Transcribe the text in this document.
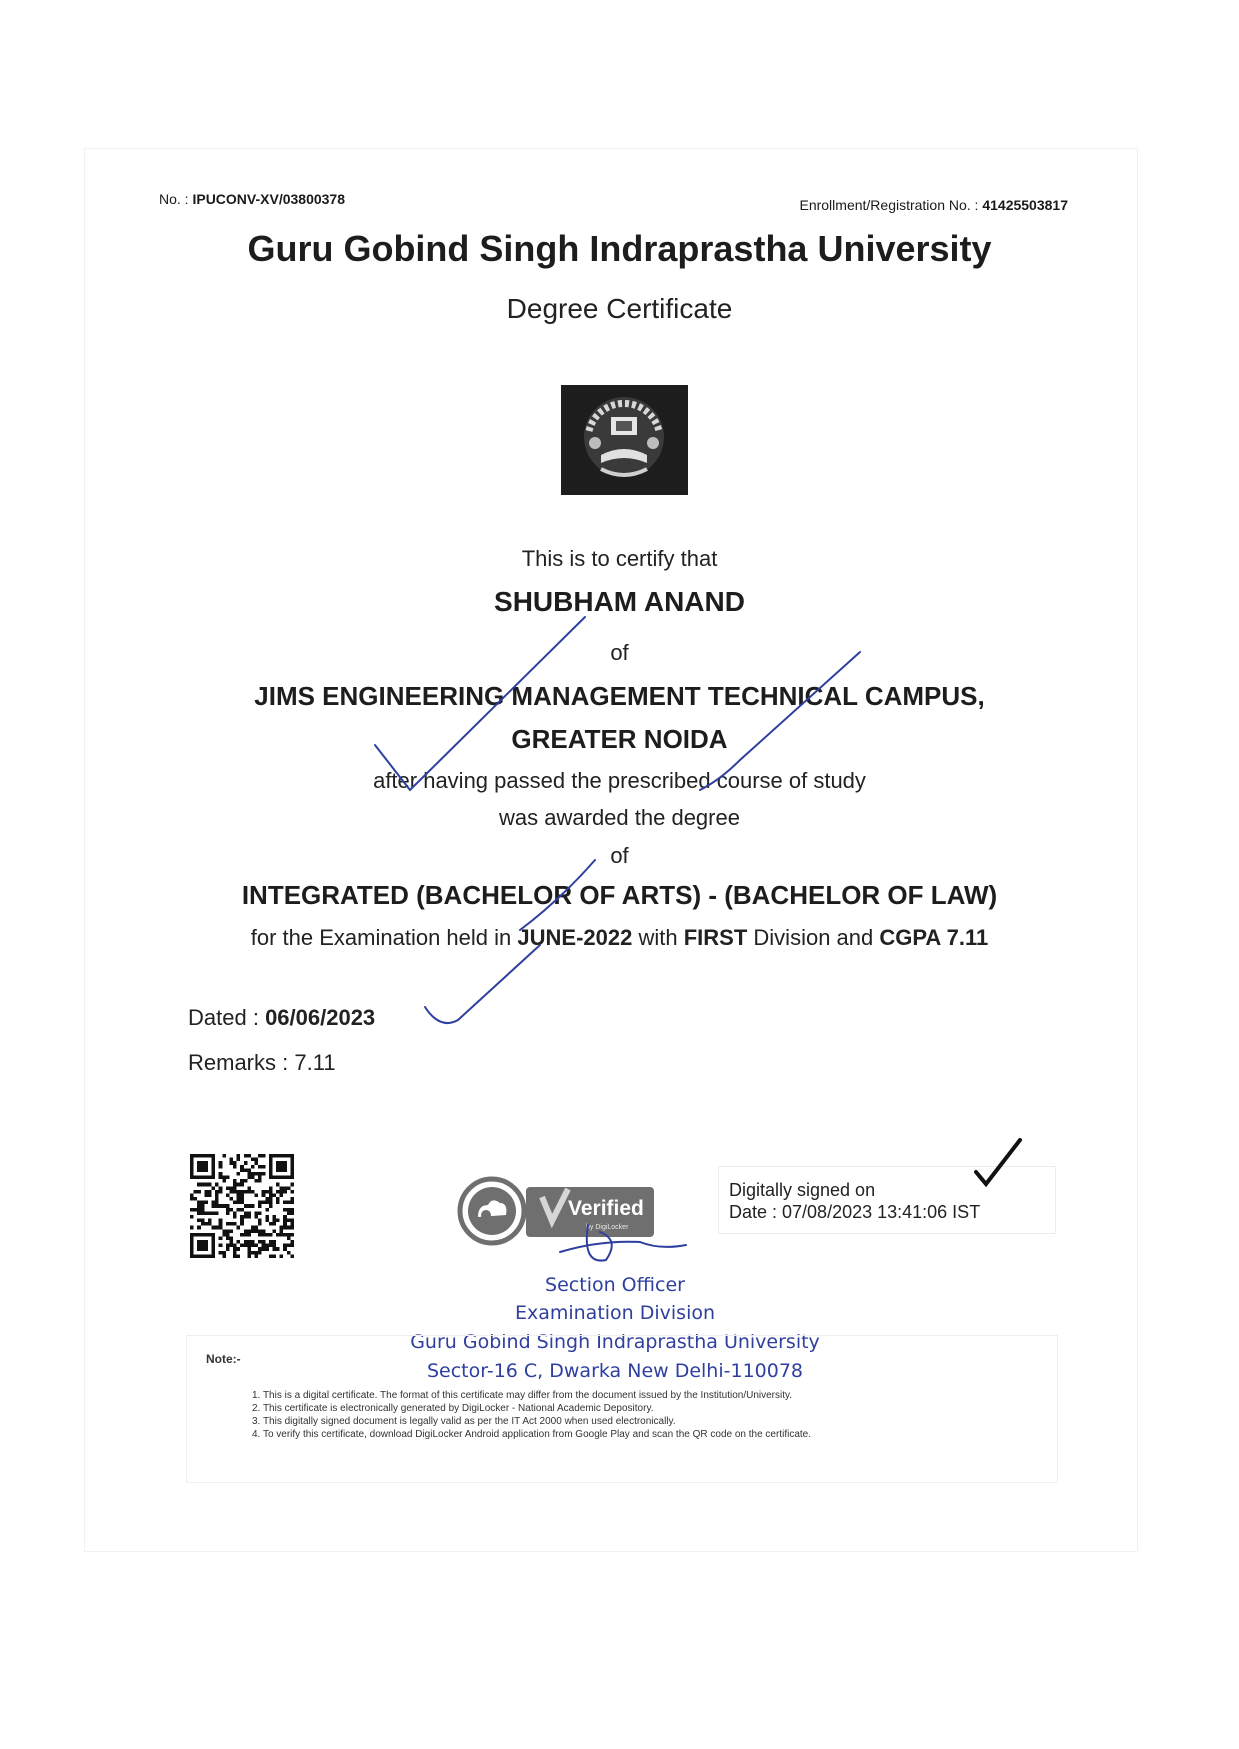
No. : IPUCONV-XV/03800378	Enrollment/Registration No. : 41425503817
Guru Gobind Singh Indraprastha University
Degree Certificate
This is to certify that
SHUBHAM ANAND
of
JIMS ENGINEERING MANAGEMENT TECHNICAL CAMPUS,
GREATER NOIDA
after having passed the prescribed course of study
was awarded the degree
of
INTEGRATED (BACHELOR OF ARTS) - (BACHELOR OF LAW)
for the Examination held in JUNE-2022 with FIRST Division and CGPA 7.11
Dated : 06/06/2023
Remarks : 7.11
Verified
by DigiLocker
Digitally signed on
Date : 07/08/2023 13:41:06 IST
Section Officer
Examination Division
Guru Gobind Singh Indraprastha University
Sector-16 C, Dwarka New Delhi-110078
Note:-
1. This is a digital certificate. The format of this certificate may differ from the document issued by the Institution/University.
2. This certificate is electronically generated by DigiLocker - National Academic Depository.
3. This digitally signed document is legally valid as per the IT Act 2000 when used electronically.
4. To verify this certificate, download DigiLocker Android application from Google Play and scan the QR code on the certificate.
